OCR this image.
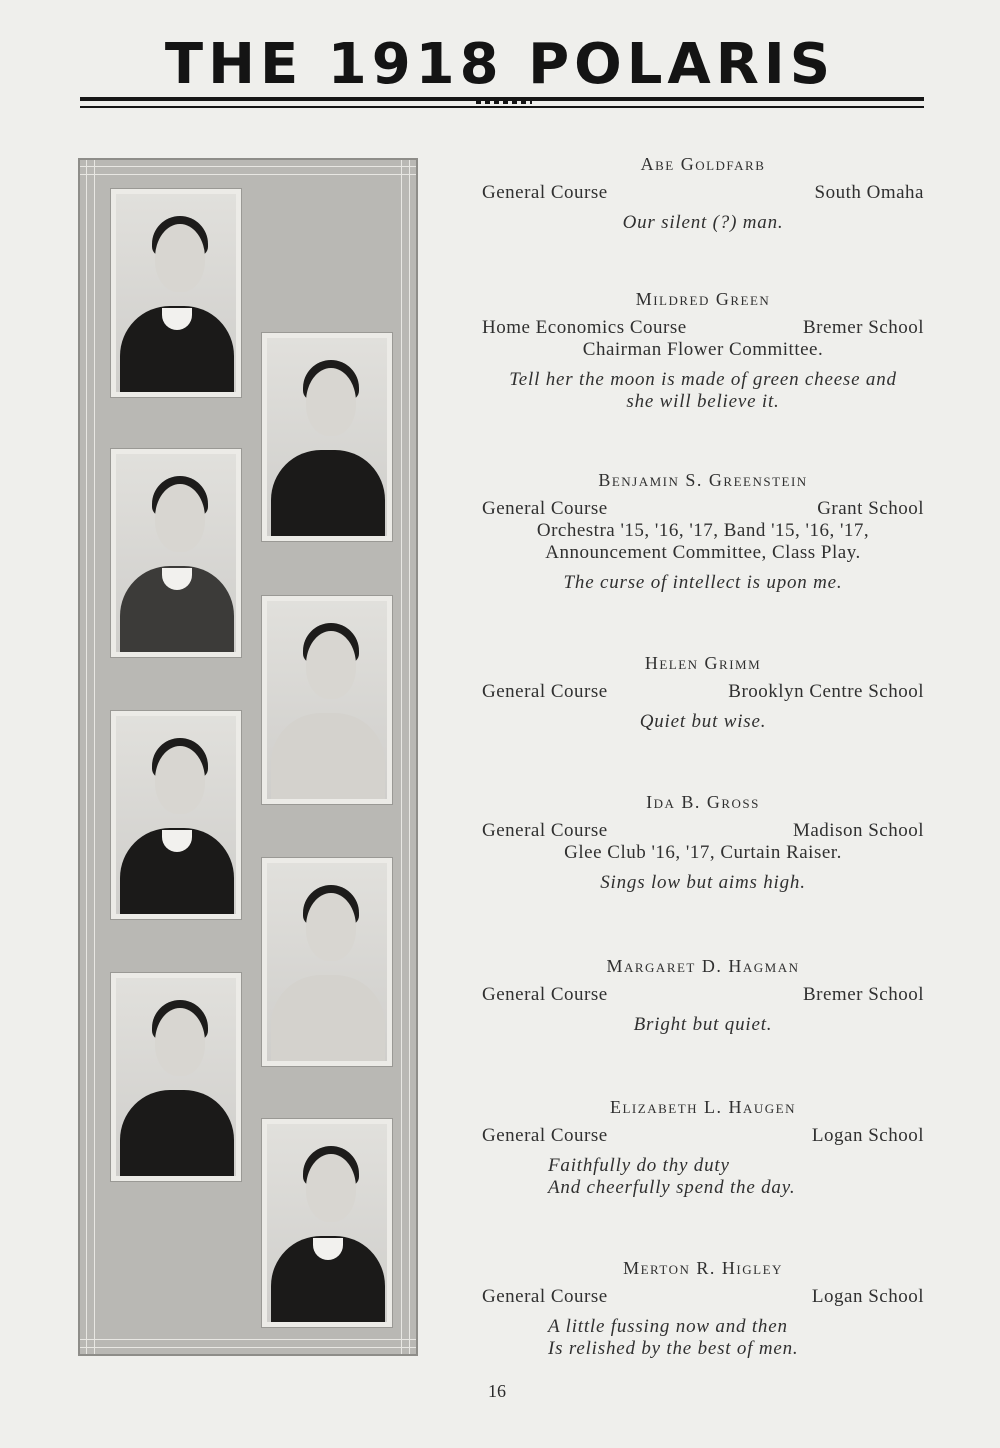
THE 1918 POLARIS
Abe Goldfarb
General Course	South Omaha
Our silent (?) man.
Mildred Green
Home Economics Course	Bremer School
Chairman Flower Committee.
Tell her the moon is made of green cheese and
she will believe it.
Benjamin S. Greenstein
General Course	Grant School
Orchestra '15, '16, '17, Band '15, '16, '17,
Announcement Committee, Class Play.
The curse of intellect is upon me.
Helen Grimm
General Course	Brooklyn Centre School
Quiet but wise.
Ida B. Gross
General Course	Madison School
Glee Club '16, '17, Curtain Raiser.
Sings low but aims high.
Margaret D. Hagman
General Course	Bremer School
Bright but quiet.
Elizabeth L. Haugen
General Course	Logan School
Faithfully do thy duty
And cheerfully spend the day.
Merton R. Higley
General Course	Logan School
A little fussing now and then
Is relished by the best of men.
16
